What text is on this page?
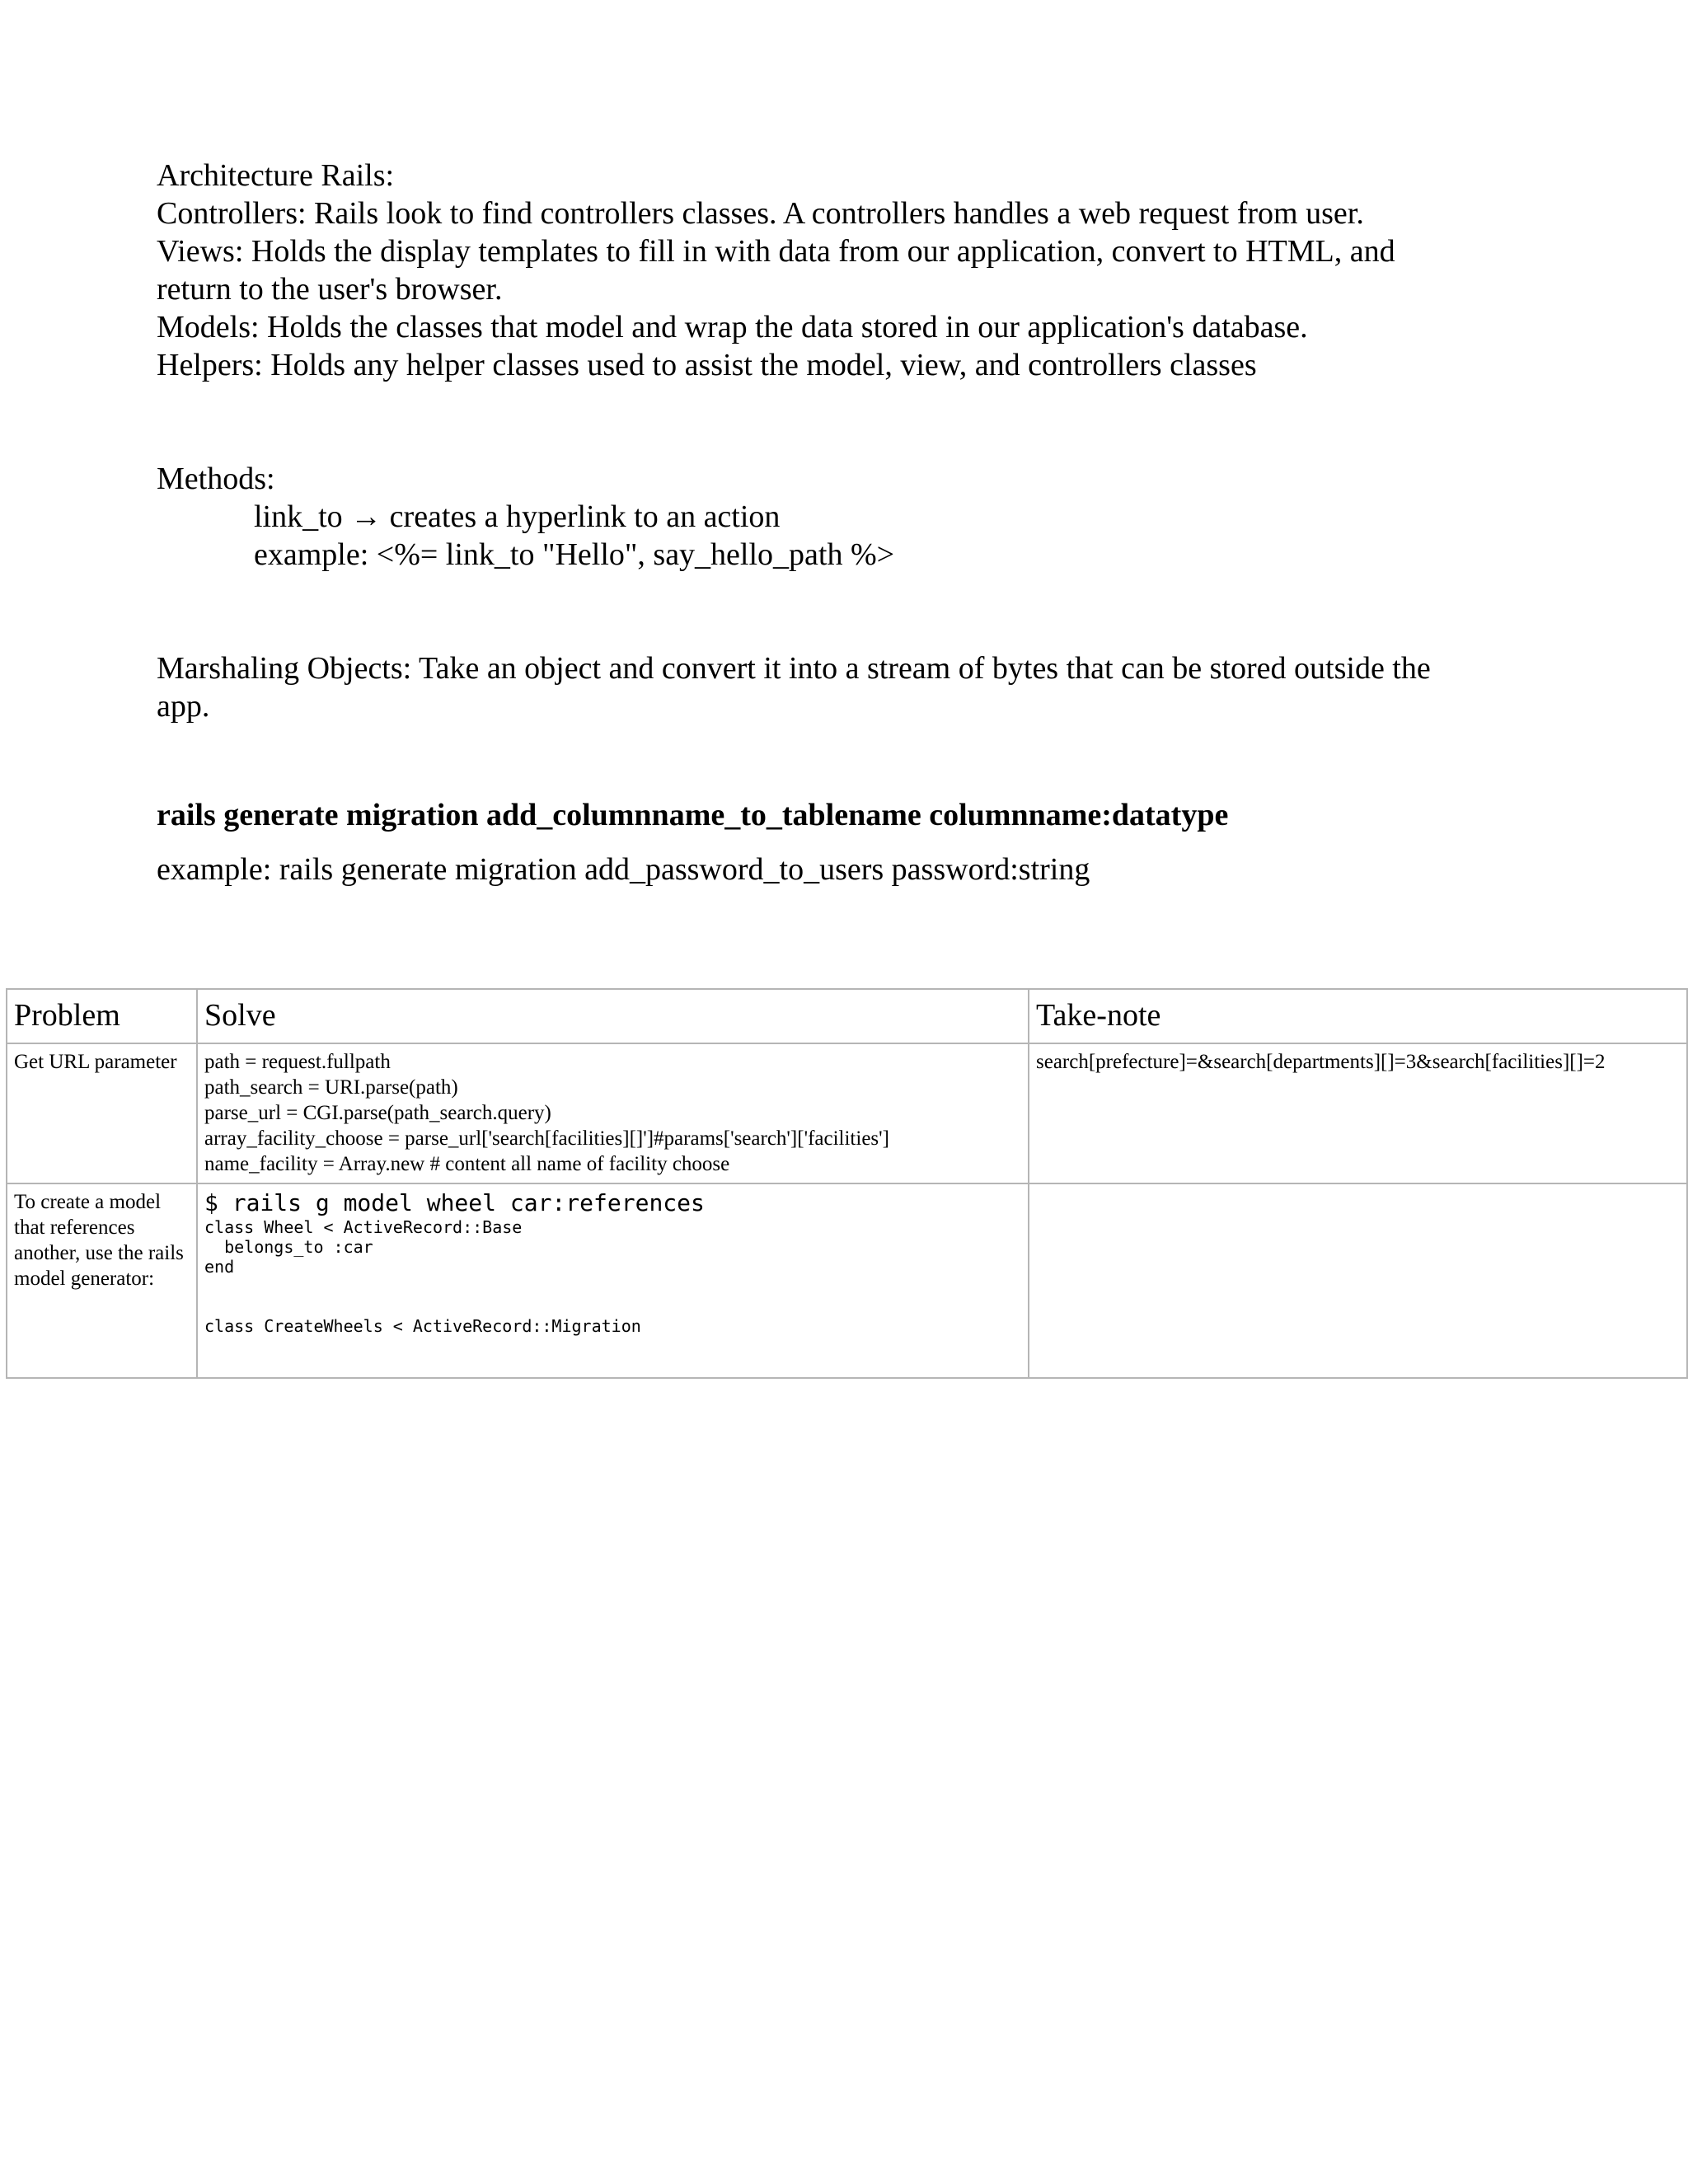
Architecture Rails:
Controllers: Rails look to find controllers classes. A controllers handles a web request from user.
Views: Holds the display templates to fill in with data from our application, convert to HTML, and
return to the user's browser.
Models: Holds the classes that model and wrap the data stored in our application's database.
Helpers: Holds any helper classes used to assist the model, view, and controllers classes
Methods:
link_to → creates a hyperlink to an action
example: <%= link_to "Hello", say_hello_path %>
Marshaling Objects: Take an object and convert it into a stream of bytes that can be stored outside the
app.
rails generate migration add_columnname_to_tablename columnname:datatype
example: rails generate migration add_password_to_users password:string
Problem	Solve	Take-note
Get URL parameter	path = request.fullpath
path_search = URI.parse(path)
parse_url = CGI.parse(path_search.query)
array_facility_choose = parse_url['search[facilities][]']#params['search']['facilities']
name_facility = Array.new # content all name of facility choose	search[prefecture]=&search[departments][]=3&search[facilities][]=2
To create a model that references another, use the rails model generator:	$ rails g model wheel car:references
class Wheel < ActiveRecord::Base
belongs_to :car
end
class CreateWheels < ActiveRecord::Migration	
